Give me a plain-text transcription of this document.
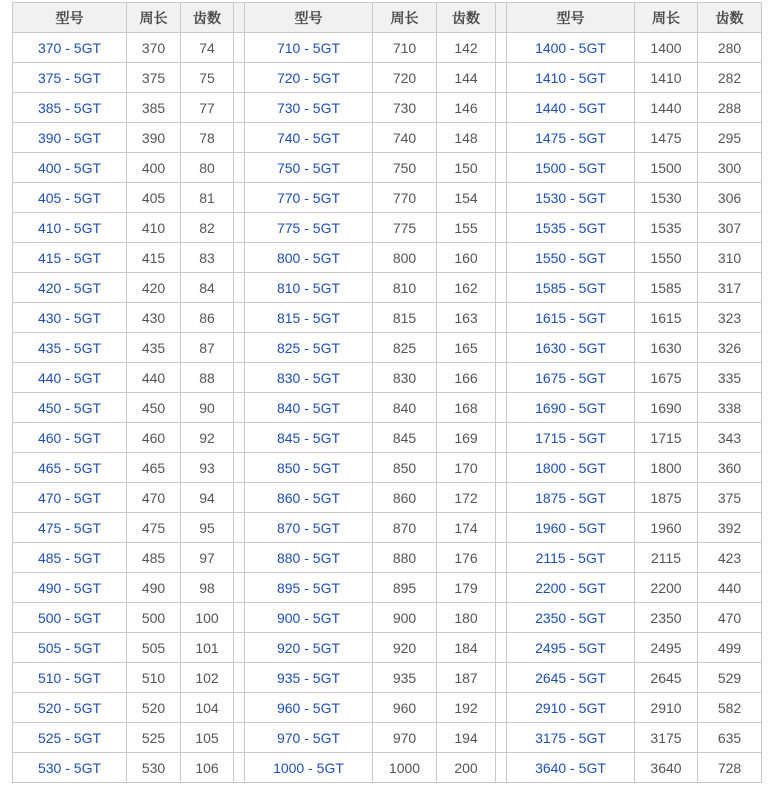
型号	周长	齿数		型号	周长	齿数		型号	周长	齿数
370 - 5GT	370	74		710 - 5GT	710	142		1400 - 5GT	1400	280
375 - 5GT	375	75		720 - 5GT	720	144		1410 - 5GT	1410	282
385 - 5GT	385	77		730 - 5GT	730	146		1440 - 5GT	1440	288
390 - 5GT	390	78		740 - 5GT	740	148		1475 - 5GT	1475	295
400 - 5GT	400	80		750 - 5GT	750	150		1500 - 5GT	1500	300
405 - 5GT	405	81		770 - 5GT	770	154		1530 - 5GT	1530	306
410 - 5GT	410	82		775 - 5GT	775	155		1535 - 5GT	1535	307
415 - 5GT	415	83		800 - 5GT	800	160		1550 - 5GT	1550	310
420 - 5GT	420	84		810 - 5GT	810	162		1585 - 5GT	1585	317
430 - 5GT	430	86		815 - 5GT	815	163		1615 - 5GT	1615	323
435 - 5GT	435	87		825 - 5GT	825	165		1630 - 5GT	1630	326
440 - 5GT	440	88		830 - 5GT	830	166		1675 - 5GT	1675	335
450 - 5GT	450	90		840 - 5GT	840	168		1690 - 5GT	1690	338
460 - 5GT	460	92		845 - 5GT	845	169		1715 - 5GT	1715	343
465 - 5GT	465	93		850 - 5GT	850	170		1800 - 5GT	1800	360
470 - 5GT	470	94		860 - 5GT	860	172		1875 - 5GT	1875	375
475 - 5GT	475	95		870 - 5GT	870	174		1960 - 5GT	1960	392
485 - 5GT	485	97		880 - 5GT	880	176		2115 - 5GT	2115	423
490 - 5GT	490	98		895 - 5GT	895	179		2200 - 5GT	2200	440
500 - 5GT	500	100		900 - 5GT	900	180		2350 - 5GT	2350	470
505 - 5GT	505	101		920 - 5GT	920	184		2495 - 5GT	2495	499
510 - 5GT	510	102		935 - 5GT	935	187		2645 - 5GT	2645	529
520 - 5GT	520	104		960 - 5GT	960	192		2910 - 5GT	2910	582
525 - 5GT	525	105		970 - 5GT	970	194		3175 - 5GT	3175	635
530 - 5GT	530	106		1000 - 5GT	1000	200		3640 - 5GT	3640	728
